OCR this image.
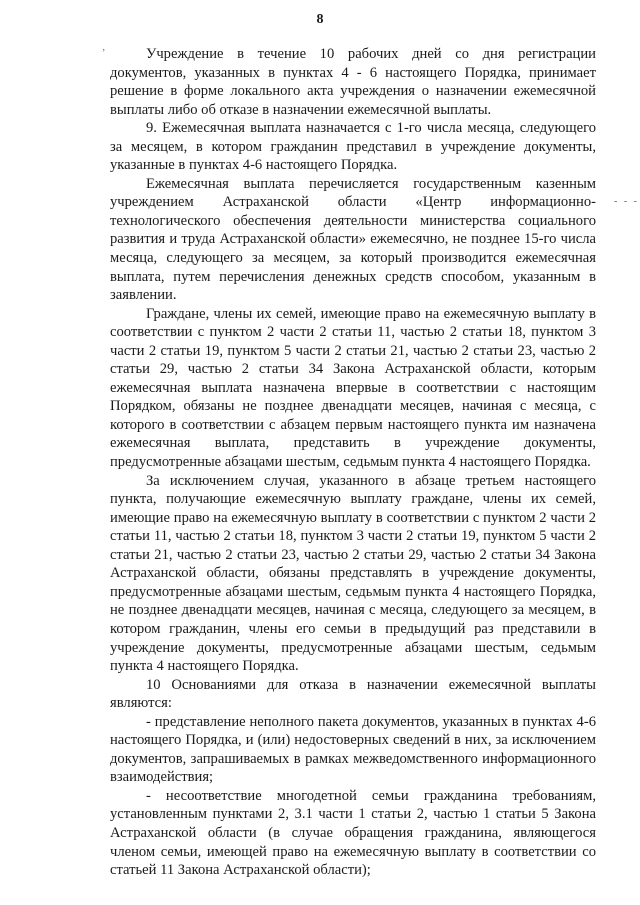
8
’
- - -

Учреждение в течение 10 рабочих дней со дня регистрации документов, указанных в пунктах 4 - 6 настоящего Порядка, принимает решение в форме локального акта учреждения о назначении ежемесячной выплаты либо об отказе в назначении ежемесячной выплаты.

9. Ежемесячная выплата назначается с 1-го числа месяца, следующего за месяцем, в котором гражданин представил в учреждение документы, указанные в пунктах 4-6 настоящего Порядка.

Ежемесячная выплата перечисляется государственным казенным учреждением Астраханской области «Центр информационно-технологического обеспечения деятельности министерства социального развития и труда Астраханской области» ежемесячно, не позднее 15-го числа месяца, следующего за месяцем, за который производится ежемесячная выплата, путем перечисления денежных средств способом, указанным в заявлении.

Граждане, члены их семей, имеющие право на ежемесячную выплату в соответствии с пунктом 2 части 2 статьи 11, частью 2 статьи 18, пунктом 3 части 2 статьи 19, пунктом 5 части 2 статьи 21, частью 2 статьи 23, частью 2 статьи 29, частью 2 статьи 34 Закона Астраханской области, которым ежемесячная выплата назначена впервые в соответствии с настоящим Порядком, обязаны не позднее двенадцати месяцев, начиная с месяца, с которого в соответствии с абзацем первым настоящего пункта им назначена ежемесячная выплата, представить в учреждение документы, предусмотренные абзацами шестым, седьмым пункта 4 настоящего Порядка.

За исключением случая, указанного в абзаце третьем настоящего пункта, получающие ежемесячную выплату граждане, члены их семей, имеющие право на ежемесячную выплату в соответствии с пунктом 2 части 2 статьи 11, частью 2 статьи 18, пунктом 3 части 2 статьи 19, пунктом 5 части 2 статьи 21, частью 2 статьи 23, частью 2 статьи 29, частью 2 статьи 34 Закона Астраханской области, обязаны представлять в учреждение документы, предусмотренные абзацами шестым, седьмым пункта 4 настоящего Порядка, не позднее двенадцати месяцев, начиная с месяца, следующего за месяцем, в котором гражданин, члены его семьи в предыдущий раз представили в учреждение документы, предусмотренные абзацами шестым, седьмым пункта 4 настоящего Порядка.

10 Основаниями для отказа в назначении ежемесячной выплаты являются:

- представление неполного пакета документов, указанных в пунктах 4-6 настоящего Порядка, и (или) недостоверных сведений в них, за исключением документов, запрашиваемых в рамках межведомственного информационного взаимодействия;

- несоответствие многодетной семьи гражданина требованиям, установленным пунктами 2, 3.1 части 1 статьи 2, частью 1 статьи 5 Закона Астраханской области (в случае обращения гражданина, являющегося членом семьи, имеющей право на ежемесячную выплату в соответствии со статьей 11 Закона Астраханской области);
